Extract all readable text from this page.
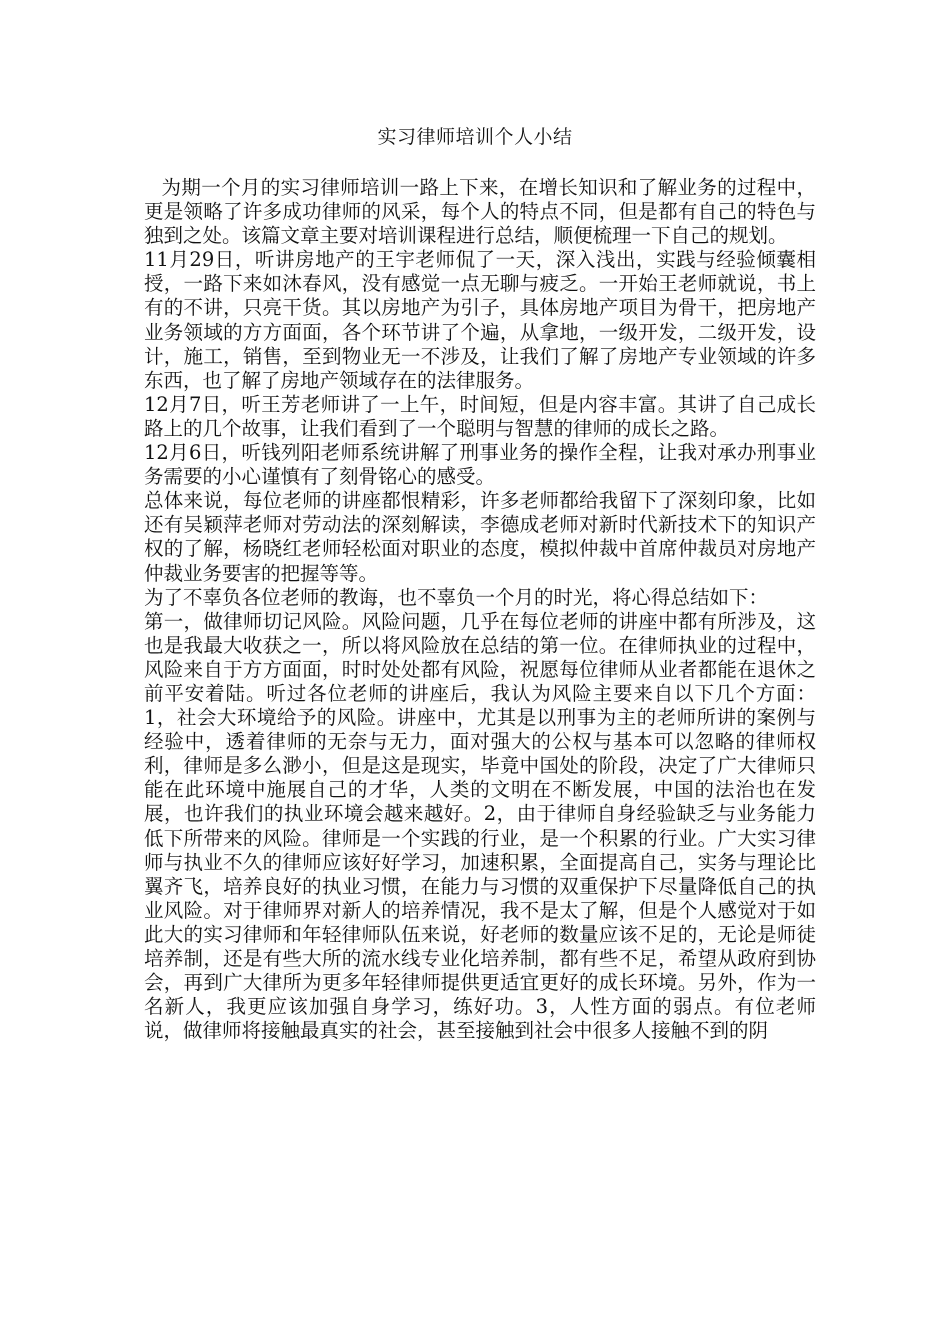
实习律师培训个人小结

为期一个月的实习律师培训一路上下来，在增长知识和了解业务的过程中，更是领略了许多成功律师的风采，每个人的特点不同，但是都有自己的特色与独到之处。该篇文章主要对培训课程进行总结，顺便梳理一下自己的规划。

11月29日，听讲房地产的王宇老师侃了一天，深入浅出，实践与经验倾囊相授，一路下来如沐春风，没有感觉一点无聊与疲乏。一开始王老师就说，书上有的不讲，只亮干货。其以房地产为引子，具体房地产项目为骨干，把房地产业务领域的方方面面，各个环节讲了个遍，从拿地，一级开发，二级开发，设计，施工，销售，至到物业无一不涉及，让我们了解了房地产专业领域的许多东西，也了解了房地产领域存在的法律服务。

12月7日，听王芳老师讲了一上午，时间短，但是内容丰富。其讲了自己成长路上的几个故事，让我们看到了一个聪明与智慧的律师的成长之路。

12月6日，听钱列阳老师系统讲解了刑事业务的操作全程，让我对承办刑事业务需要的小心谨慎有了刻骨铭心的感受。

总体来说，每位老师的讲座都恨精彩，许多老师都给我留下了深刻印象，比如还有吴颖萍老师对劳动法的深刻解读，李德成老师对新时代新技术下的知识产权的了解，杨晓红老师轻松面对职业的态度，模拟仲裁中首席仲裁员对房地产仲裁业务要害的把握等等。

为了不辜负各位老师的教诲，也不辜负一个月的时光，将心得总结如下：

第一，做律师切记风险。风险问题，几乎在每位老师的讲座中都有所涉及，这也是我最大收获之一，所以将风险放在总结的第一位。在律师执业的过程中，风险来自于方方面面，时时处处都有风险，祝愿每位律师从业者都能在退休之前平安着陆。听过各位老师的讲座后，我认为风险主要来自以下几个方面：1，社会大环境给予的风险。讲座中，尤其是以刑事为主的老师所讲的案例与经验中，透着律师的无奈与无力，面对强大的公权与基本可以忽略的律师权利，律师是多么渺小，但是这是现实，毕竟中国处的阶段，决定了广大律师只能在此环境中施展自己的才华，人类的文明在不断发展，中国的法治也在发展，也许我们的执业环境会越来越好。2，由于律师自身经验缺乏与业务能力低下所带来的风险。律师是一个实践的行业，是一个积累的行业。广大实习律师与执业不久的律师应该好好学习，加速积累，全面提高自己，实务与理论比翼齐飞，培养良好的执业习惯，在能力与习惯的双重保护下尽量降低自己的执业风险。对于律师界对新人的培养情况，我不是太了解，但是个人感觉对于如此大的实习律师和年轻律师队伍来说，好老师的数量应该不足的，无论是师徒培养制，还是有些大所的流水线专业化培养制，都有些不足，希望从政府到协会，再到广大律所为更多年轻律师提供更适宜更好的成长环境。另外，作为一名新人，我更应该加强自身学习，练好功。3，人性方面的弱点。有位老师说，做律师将接触最真实的社会，甚至接触到社会中很多人接触不到的阴
